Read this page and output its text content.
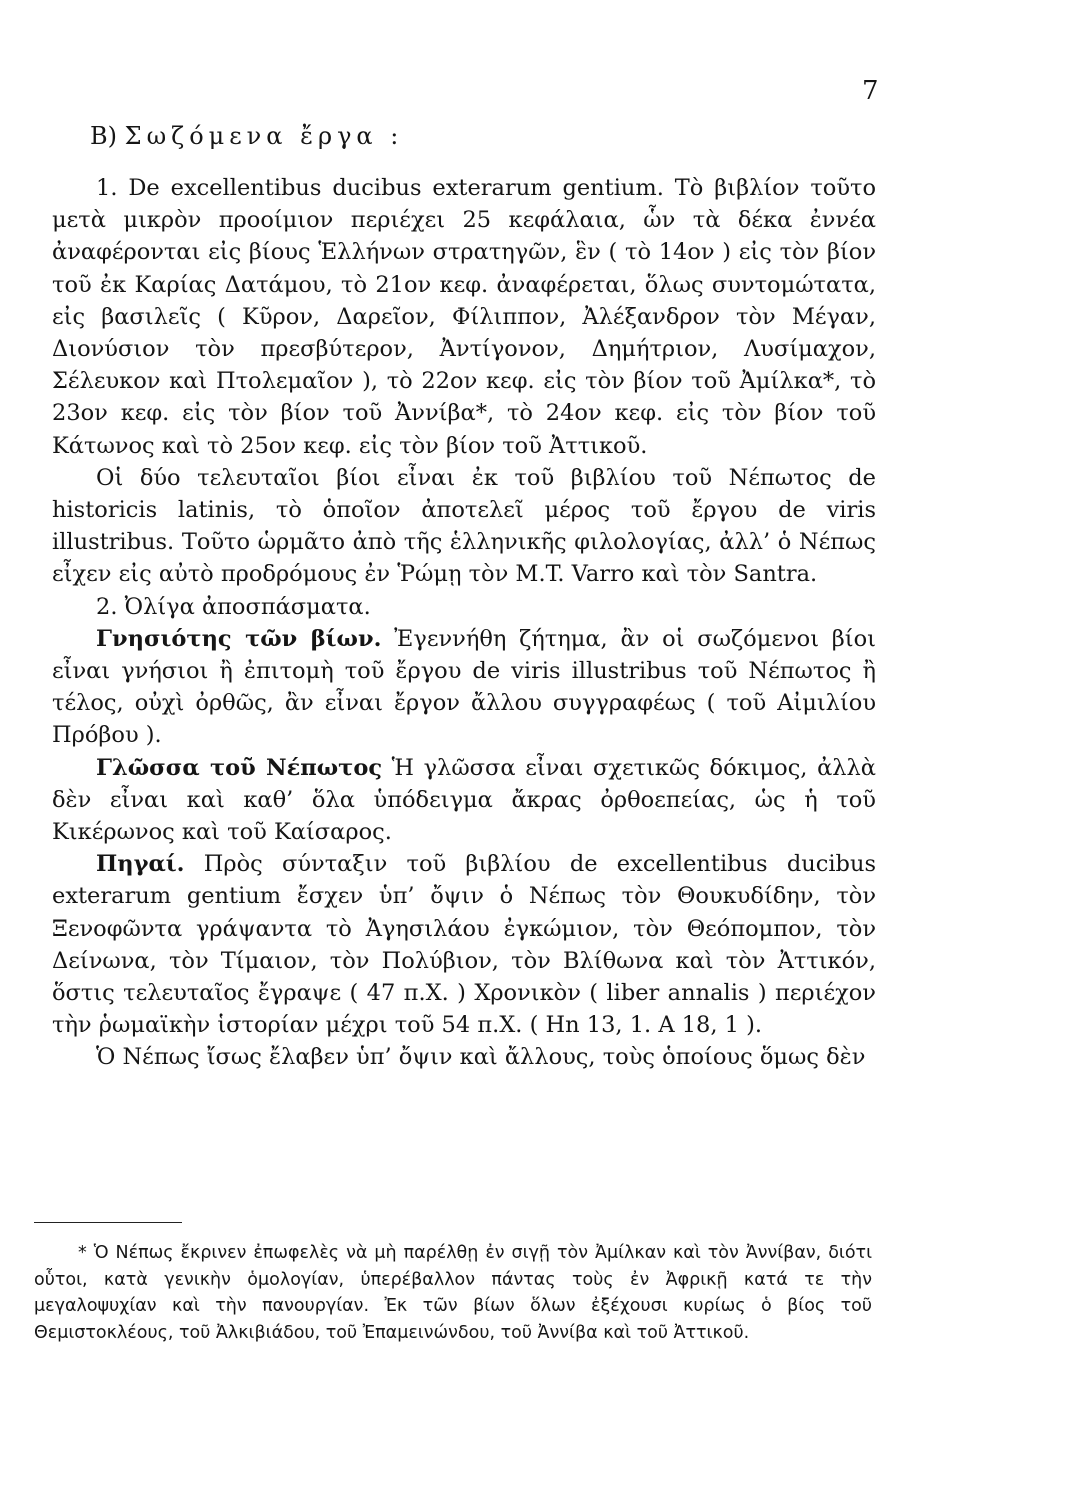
7
B) Σωζόμενα ἔργα :

1. De excellentibus ducibus exterarum gentium. Τὸ βιβλίον τοῦτο μετὰ μικρὸν προοίμιον περιέχει 25 κεφάλαια, ὧν τὰ δέκα ἐννέα ἀναφέρονται εἰς βίους Ἑλλήνων στρατηγῶν, ἓν ( τὸ 14ον ) εἰς τὸν βίον τοῦ ἐκ Καρίας Δατάμου, τὸ 21ον κεφ. ἀναφέρεται, ὅλως συντομώτατα, εἰς βασιλεῖς ( Κῦρον, Δαρεῖον, Φίλιππον, Ἀλέξανδρον τὸν Μέγαν, Διονύσιον τὸν πρεσβύτερον, Ἀντίγονον, Δημήτριον, Λυσίμαχον, Σέλευκον καὶ Πτολεμαῖον ), τὸ 22ον κεφ. εἰς τὸν βίον τοῦ Ἀμίλκα*, τὸ 23ον κεφ. εἰς τὸν βίον τοῦ Ἀννίβα*, τὸ 24ον κεφ. εἰς τὸν βίον τοῦ Κάτωνος καὶ τὸ 25ον κεφ. εἰς τὸν βίον τοῦ Ἀττικοῦ.

Οἱ δύο τελευταῖοι βίοι εἶναι ἐκ τοῦ βιβλίου τοῦ Νέπωτος de historicis latinis, τὸ ὁποῖον ἀποτελεῖ μέρος τοῦ ἔργου de viris illustribus. Τοῦτο ὡρμᾶτο ἀπὸ τῆς ἑλληνικῆς φιλολογίας, ἀλλ’ ὁ Νέπως εἶχεν εἰς αὐτὸ προδρόμους ἐν Ῥώμῃ τὸν M.T. Varro καὶ τὸν Santra.

2. Ὀλίγα ἀποσπάσματα.

Γνησιότης τῶν βίων. Ἐγεννήθη ζήτημα, ἂν οἱ σωζόμενοι βίοι εἶναι γνήσιοι ἢ ἐπιτομὴ τοῦ ἔργου de viris illustribus τοῦ Νέπωτος ἢ τέλος, οὐχὶ ὀρθῶς, ἂν εἶναι ἔργον ἄλλου συγγραφέως ( τοῦ Αἰμιλίου Πρόβου ).

Γλῶσσα τοῦ Νέπωτος Ἡ γλῶσσα εἶναι σχετικῶς δόκιμος, ἀλλὰ δὲν εἶναι καὶ καθ’ ὅλα ὑπόδειγμα ἄκρας ὀρθοεπείας, ὡς ἡ τοῦ Κικέρωνος καὶ τοῦ Καίσαρος.

Πηγαί. Πρὸς σύνταξιν τοῦ βιβλίου de excellentibus ducibus exterarum gentium ἔσχεν ὑπ’ ὄψιν ὁ Νέπως τὸν Θουκυδίδην, τὸν Ξενοφῶντα γράψαντα τὸ Ἀγησιλάου ἐγκώμιον, τὸν Θεόπομπον, τὸν Δείνωνα, τὸν Τίμαιον, τὸν Πολύβιον, τὸν Βλίθωνα καὶ τὸν Ἀττικόν, ὅστις τελευταῖος ἔγραψε ( 47 π.Χ. ) Χρονικὸν ( liber annalis ) περιέχον τὴν ῥωμαϊκὴν ἱστορίαν μέχρι τοῦ 54 π.Χ. ( Hn 13, 1. A 18, 1 ).

Ὁ Νέπως ἴσως ἔλαβεν ὑπ’ ὄψιν καὶ ἄλλους, τοὺς ὁποίους ὅμως δὲν

* Ὁ Νέπως ἔκρινεν ἐπωφελὲς νὰ μὴ παρέλθῃ ἐν σιγῇ τὸν Ἀμίλκαν καὶ τὸν Ἀννίβαν, διότι οὗτοι, κατὰ γενικὴν ὁμολογίαν, ὑπερέβαλλον πάντας τοὺς ἐν Ἀφρικῇ κατά τε τὴν μεγαλοψυχίαν καὶ τὴν πανουργίαν. Ἐκ τῶν βίων ὅλων ἐξέχουσι κυρίως ὁ βίος τοῦ Θεμιστοκλέους, τοῦ Ἀλκιβιάδου, τοῦ Ἐπαμεινώνδου, τοῦ Ἀννίβα καὶ τοῦ Ἀττικοῦ.
